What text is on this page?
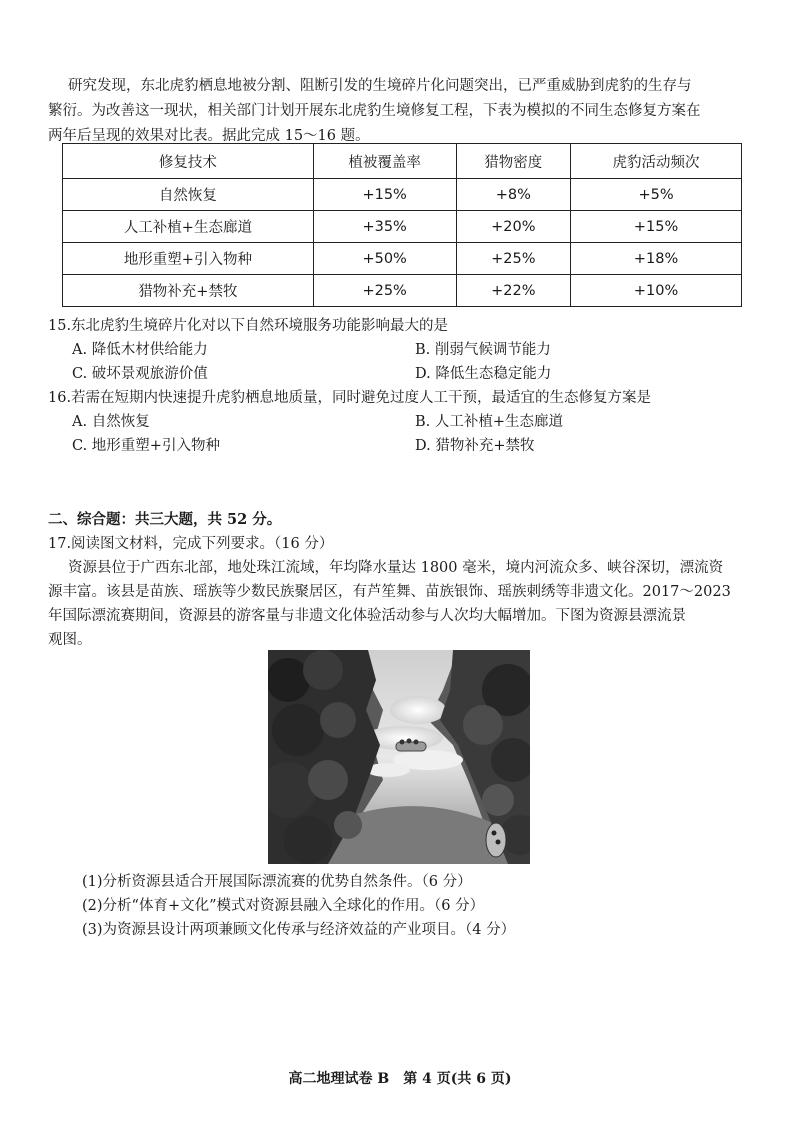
研究发现，东北虎豹栖息地被分割、阻断引发的生境碎片化问题突出，已严重威胁到虎豹的生存与
繁衍。为改善这一现状，相关部门计划开展东北虎豹生境修复工程，下表为模拟的不同生态修复方案在
两年后呈现的效果对比表。据此完成 15～16 题。
修复技术	植被覆盖率	猎物密度	虎豹活动频次
自然恢复	+15%	+8%	+5%
人工补植+生态廊道	+35%	+20%	+15%
地形重塑+引入物种	+50%	+25%	+18%
猎物补充+禁牧	+25%	+22%	+10%
15.东北虎豹生境碎片化对以下自然环境服务功能影响最大的是
A. 降低木材供给能力	B. 削弱气候调节能力
C. 破坏景观旅游价值	D. 降低生态稳定能力
16.若需在短期内快速提升虎豹栖息地质量，同时避免过度人工干预，最适宜的生态修复方案是
A. 自然恢复	B. 人工补植+生态廊道
C. 地形重塑+引入物种	D. 猎物补充+禁牧
二、综合题：共三大题，共 52 分。
17.阅读图文材料，完成下列要求。（16 分）
资源县位于广西东北部，地处珠江流域，年均降水量达 1800 毫米，境内河流众多、峡谷深切，漂流资
源丰富。该县是苗族、瑶族等少数民族聚居区，有芦笙舞、苗族银饰、瑶族刺绣等非遗文化。2017～2023
年国际漂流赛期间，资源县的游客量与非遗文化体验活动参与人次均大幅增加。下图为资源县漂流景
观图。
(1)分析资源县适合开展国际漂流赛的优势自然条件。（6 分）
(2)分析“体育+文化”模式对资源县融入全球化的作用。（6 分）
(3)为资源县设计两项兼顾文化传承与经济效益的产业项目。（4 分）
高二地理试卷 B　第 4 页(共 6 页)
